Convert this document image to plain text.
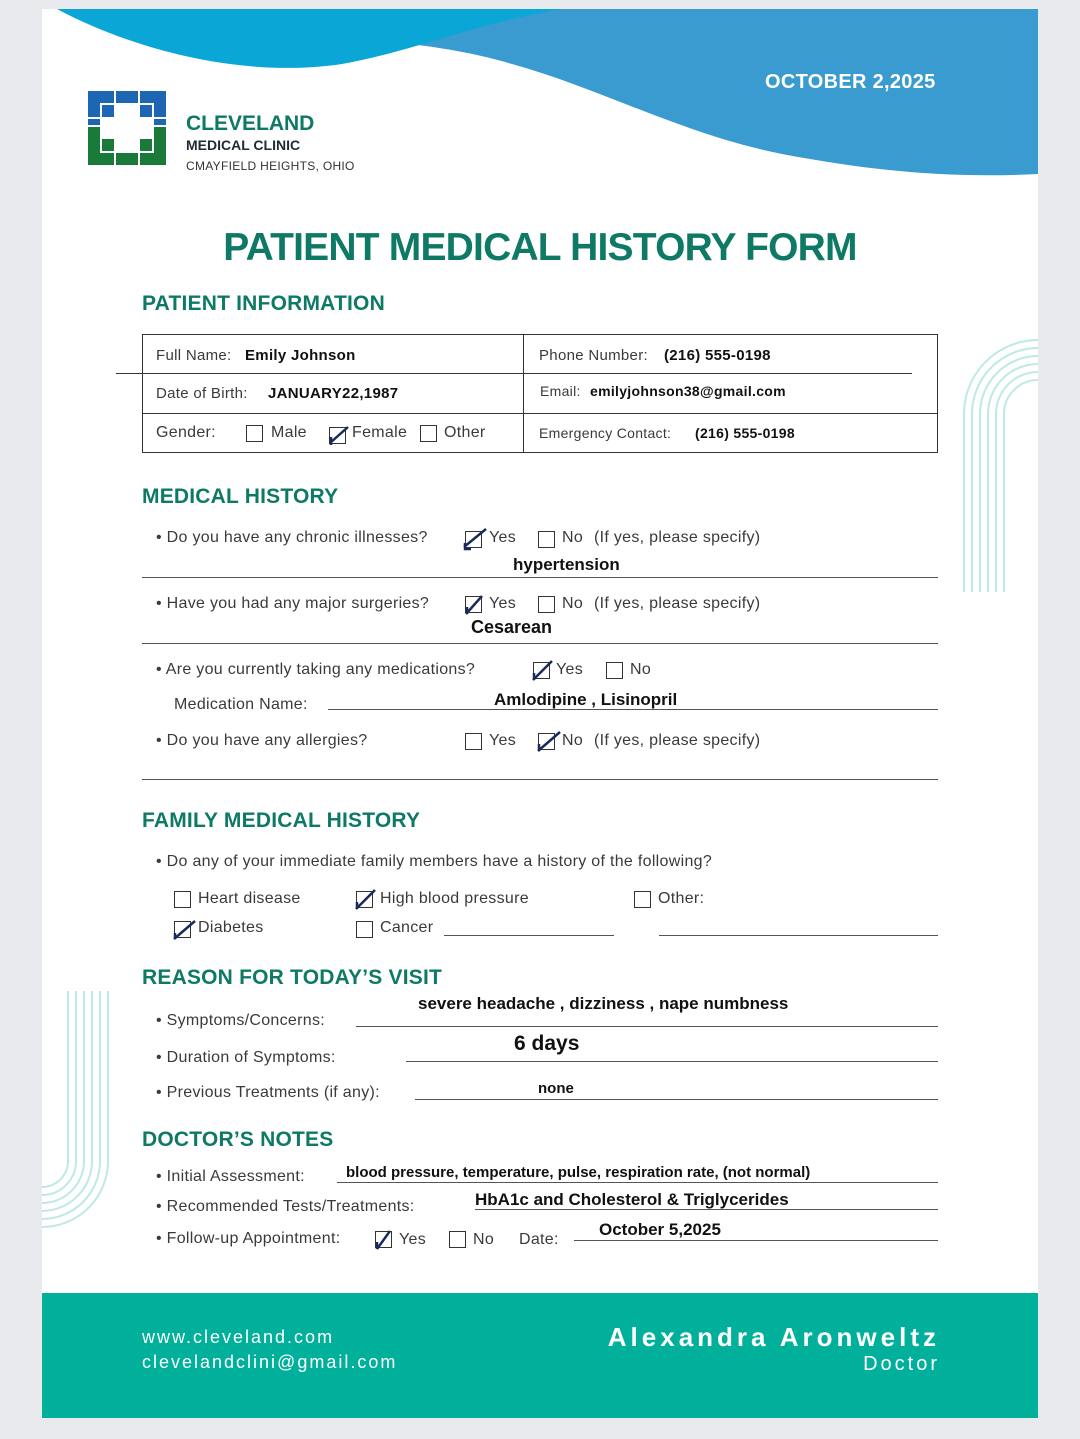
OCTOBER 2,2025
CLEVELAND
MEDICAL CLINIC
CMAYFIELD HEIGHTS, OHIO
PATIENT MEDICAL HISTORY FORM
PATIENT INFORMATION
Full Name: Emily Johnson	Phone Number: (216) 555-0198
Date of Birth: JANUARY22,1987	Email: emilyjohnson38@gmail.com
Gender:	Male	Female Other	Emergency Contact: (216) 555-0198
MEDICAL HISTORY
• Do you have any chronic illnesses?	Yes	No (If yes, please specify)
hypertension
• Have you had any major surgeries?	Yes	No (If yes, please specify)
Cesarean
• Are you currently taking any medications?	Yes	No
Medication Name:	Amlodipine , Lisinopril
• Do you have any allergies?	Yes	No (If yes, please specify)
FAMILY MEDICAL HISTORY
• Do any of your immediate family members have a history of the following?
Heart disease	High blood pressure	Other:
Diabetes	Cancer
REASON FOR TODAY’S VISIT
• Symptoms/Concerns:
severe headache , dizziness , nape numbness
• Duration of Symptoms:
6 days
• Previous Treatments (if any):	none
DOCTOR’S NOTES
• Initial Assessment:	blood pressure, temperature, pulse, respiration rate, (not normal)
• Recommended Tests/Treatments:	HbA1c and Cholesterol & Triglycerides
• Follow-up Appointment:	Yes	No Date:
October 5,2025
www.cleveland.com
clevelandclini@gmail.com
Alexandra Aronweltz
Doctor
